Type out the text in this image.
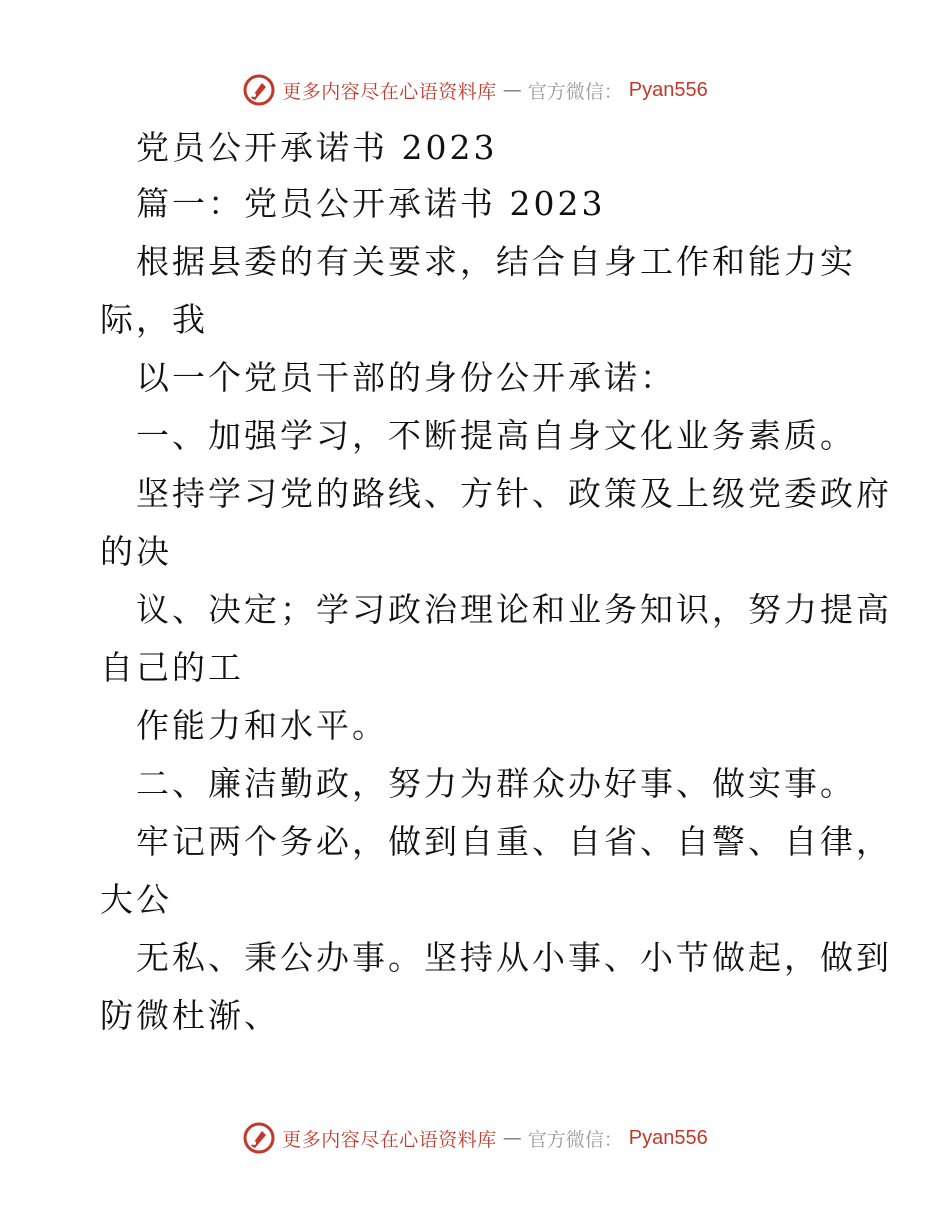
更多内容尽在心语资料库 — 官方微信： Pyan556
党员公开承诺书 2023
篇一：党员公开承诺书 2023
根据县委的有关要求，结合自身工作和能力实
际，我
以一个党员干部的身份公开承诺：
一、加强学习，不断提高自身文化业务素质。
坚持学习党的路线、方针、政策及上级党委政府
的决
议、决定；学习政治理论和业务知识，努力提高
自己的工
作能力和水平。
二、廉洁勤政，努力为群众办好事、做实事。
牢记两个务必，做到自重、自省、自警、自律，
大公
无私、秉公办事。坚持从小事、小节做起，做到
防微杜渐、
更多内容尽在心语资料库 — 官方微信： Pyan556
